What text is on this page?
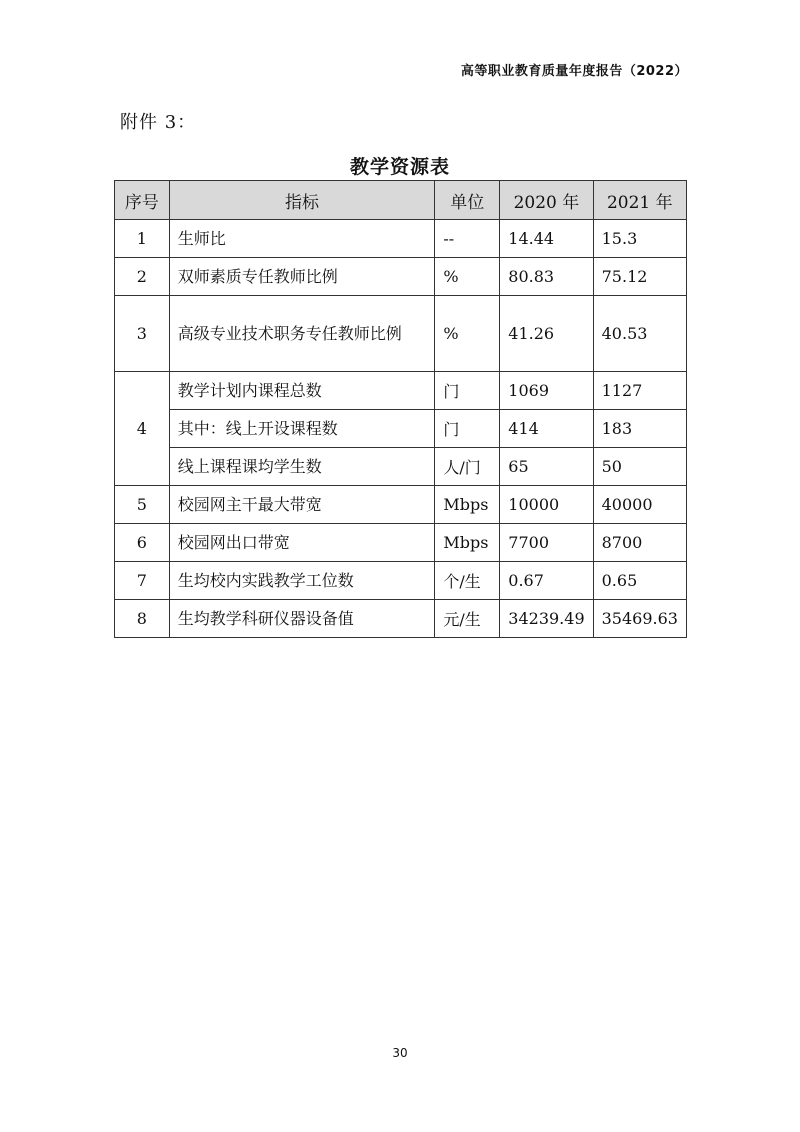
高等职业教育质量年度报告（2022）
附件 3：
教学资源表
序号	指标	单位	2020 年	2021 年
1	生师比	--	14.44	15.3
2	双师素质专任教师比例	%	80.83	75.12
3	高级专业技术职务专任教师比例	%	41.26	40.53
4	教学计划内课程总数	门	1069	1127
	其中：线上开设课程数	门	414	183
	线上课程课均学生数	人/门	65	50
5	校园网主干最大带宽	Mbps	10000	40000
6	校园网出口带宽	Mbps	7700	8700
7	生均校内实践教学工位数	个/生	0.67	0.65
8	生均教学科研仪器设备值	元/生	34239.49	35469.63
30
